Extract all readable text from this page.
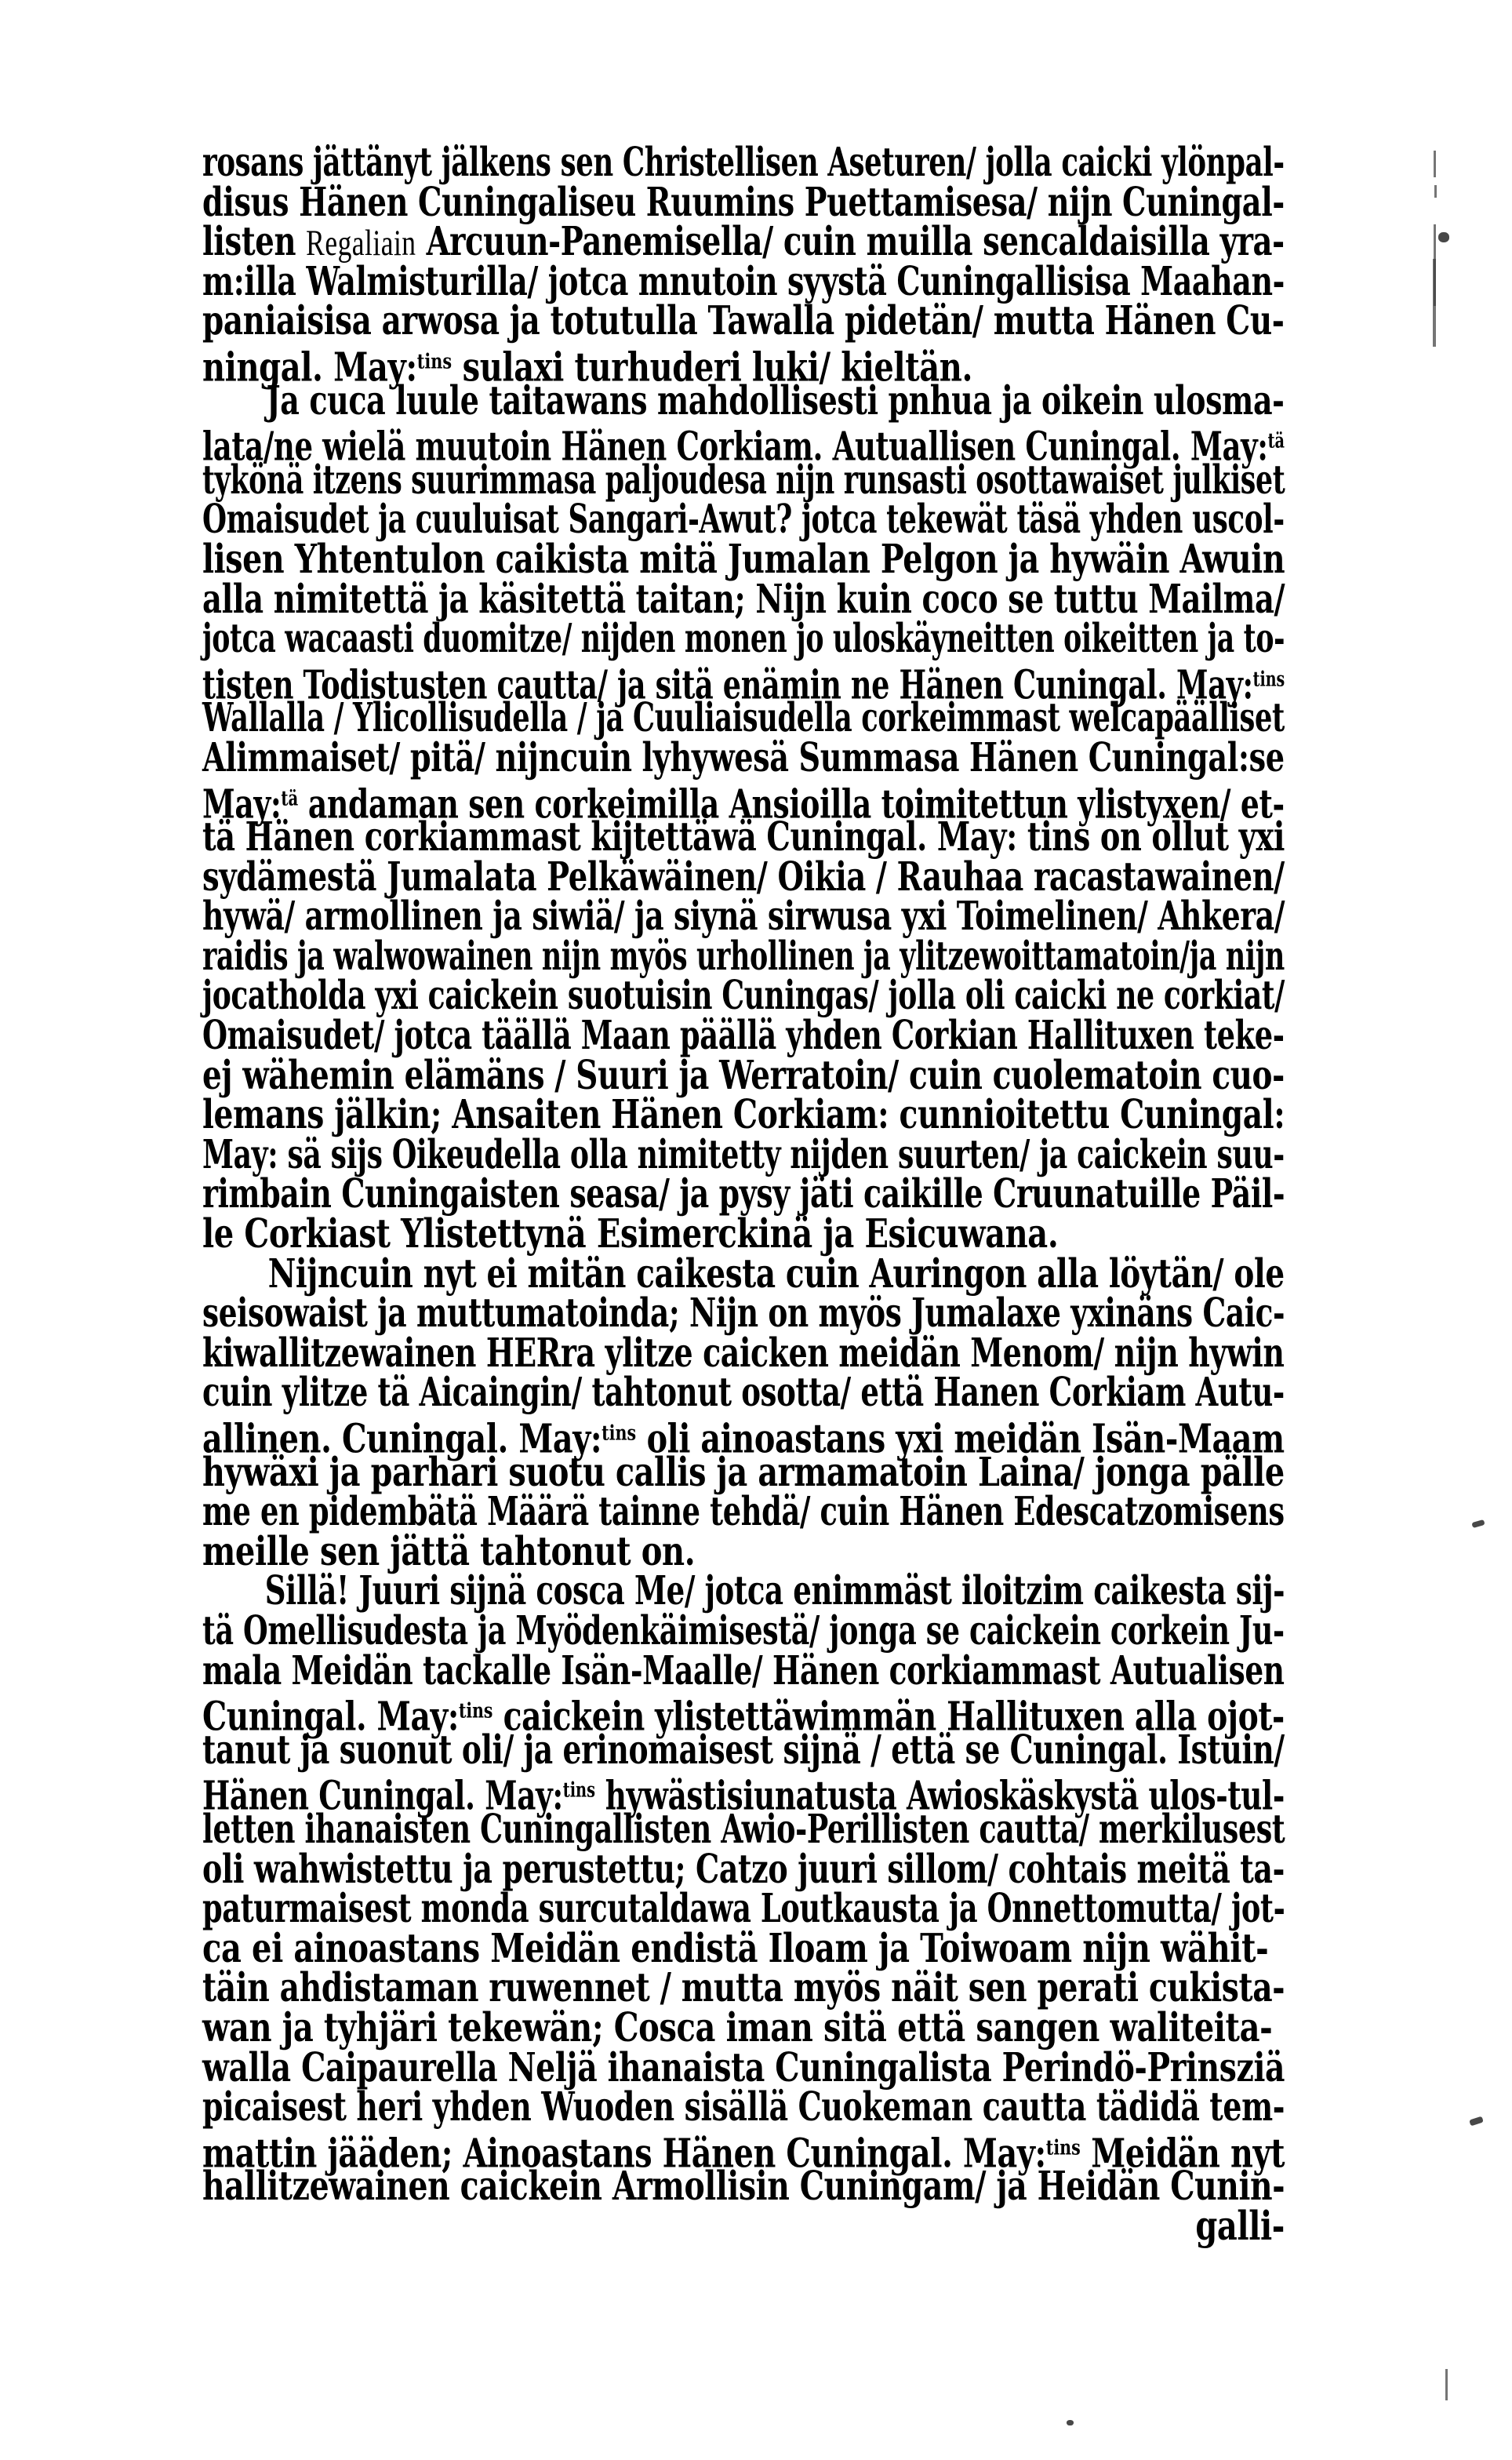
rosans jättänyt jälkens sen Christellisen Aseturen/ jolla caicki ylönpal-
disus Hänen Cuningaliseu Ruumins Puettamisesa/ nijn Cuningal-
listen Regaliain Arcuun-Panemisella/ cuin muilla sencaldaisilla yra-
m:illa Walmisturilla/ jotca mnutoin syystä Cuningallisisa Maahan-
paniaisisa arwosa ja totutulla Tawalla pidetän/ mutta Hänen Cu-
ningal. May:$^{tins}$ sulaxi turhuderi luki/ kieltän.
Ja cuca luule taitawans mahdollisesti pnhua ja oikein ulosma-
lata/ne wielä muutoin Hänen Corkiam. Autuallisen Cuningal. May:$^{tä}$
tykönä itzens suurimmasa paljoudesa nijn runsasti osottawaiset julkiset
Omaisudet ja cuuluisat Sangari-Awut? jotca tekewät täsä yhden uscol-
lisen Yhtentulon caikista mitä Jumalan Pelgon ja hywäin Awuin
alla nimitettä ja käsitettä taitan; Nijn kuin coco se tuttu Mailma/
jotca wacaasti duomitze/ nijden monen jo uloskäyneitten oikeitten ja to-
tisten Todistusten cautta/ ja sitä enämin ne Hänen Cuningal. May:$^{tins}$
Wallalla / Ylicollisudella / ja Cuuliaisudella corkeimmast welcapäälliset
Alimmaiset/ pitä/ nijncuin lyhywesä Summasa Hänen Cuningal:se
May:$^{tä}$ andaman sen corkeimilla Ansioilla toimitettun ylistyxen/ et-
tä Hänen corkiammast kijtettäwä Cuningal. May: tins on ollut yxi
sydämestä Jumalata Pelkäwäinen/ Oikia / Rauhaa racastawainen/
hywä/ armollinen ja siwiä/ ja siynä sirwusa yxi Toimelinen/ Ahkera/
raidis ja walwowainen nijn myös urhollinen ja ylitzewoittamatoin/ja nijn
jocatholda yxi caickein suotuisin Cuningas/ jolla oli caicki ne corkiat/
Omaisudet/ jotca täällä Maan päällä yhden Corkian Hallituxen teke-
ej wähemin elämäns / Suuri ja Werratoin/ cuin cuolematoin cuo-
lemans jälkin; Ansaiten Hänen Corkiam: cunnioitettu Cuningal:
May: sä sijs Oikeudella olla nimitetty nijden suurten/ ja caickein suu-
rimbain Cuningaisten seasa/ ja pysy jäti caikille Cruunatuille Päil-
le Corkiast Ylistettynä Esimerckinä ja Esicuwana.
Nijncuin nyt ei mitän caikesta cuin Auringon alla löytän/ ole
seisowaist ja muttumatoinda; Nijn on myös Jumalaxe yxinäns Caic-
kiwallitzewainen HERra ylitze caicken meidän Menom/ nijn hywin
cuin ylitze tä Aicaingin/ tahtonut osotta/ että Hanen Corkiam Autu-
allinen. Cuningal. May:$^{tins}$ oli ainoastans yxi meidän Isän-Maam
hywäxi ja parhari suotu callis ja armamatoin Laina/ jonga pälle
me en pidembätä Määrä tainne tehdä/ cuin Hänen Edescatzomisens
meille sen jättä tahtonut on.
Sillä! Juuri sijnä cosca Me/ jotca enimmäst iloitzim caikesta sij-
tä Omellisudesta ja Myödenkäimisestä/ jonga se caickein corkein Ju-
mala Meidän tackalle Isän-Maalle/ Hänen corkiammast Autualisen
Cuningal. May:$^{tins}$ caickein ylistettäwimmän Hallituxen alla ojot-
tanut ja suonut oli/ ja erinomaisest sijnä / että se Cuningal. Istuin/
Hänen Cuningal. May:$^{tins}$ hywästisiunatusta Awioskäskystä ulos-tul-
letten ihanaisten Cuningallisten Awio-Perillisten cautta/ merkilusest
oli wahwistettu ja perustettu; Catzo juuri sillom/ cohtais meitä ta-
paturmaisest monda surcutaldawa Loutkausta ja Onnettomutta/ jot-
ca ei ainoastans Meidän endistä Iloam ja Toiwoam nijn wähit-
täin ahdistaman ruwennet / mutta myös näit sen perati cukista-
wan ja tyhjäri tekewän; Cosca iman sitä että sangen waliteita-
walla Caipaurella Neljä ihanaista Cuningalista Perindö-Prinsziä
picaisest heri yhden Wuoden sisällä Cuokeman cautta tädidä tem-
mattin jääden; Ainoastans Hänen Cuningal. May:$^{tins}$ Meidän nyt
hallitzewainen caickein Armollisin Cuningam/ ja Heidän Cunin-
galli-
